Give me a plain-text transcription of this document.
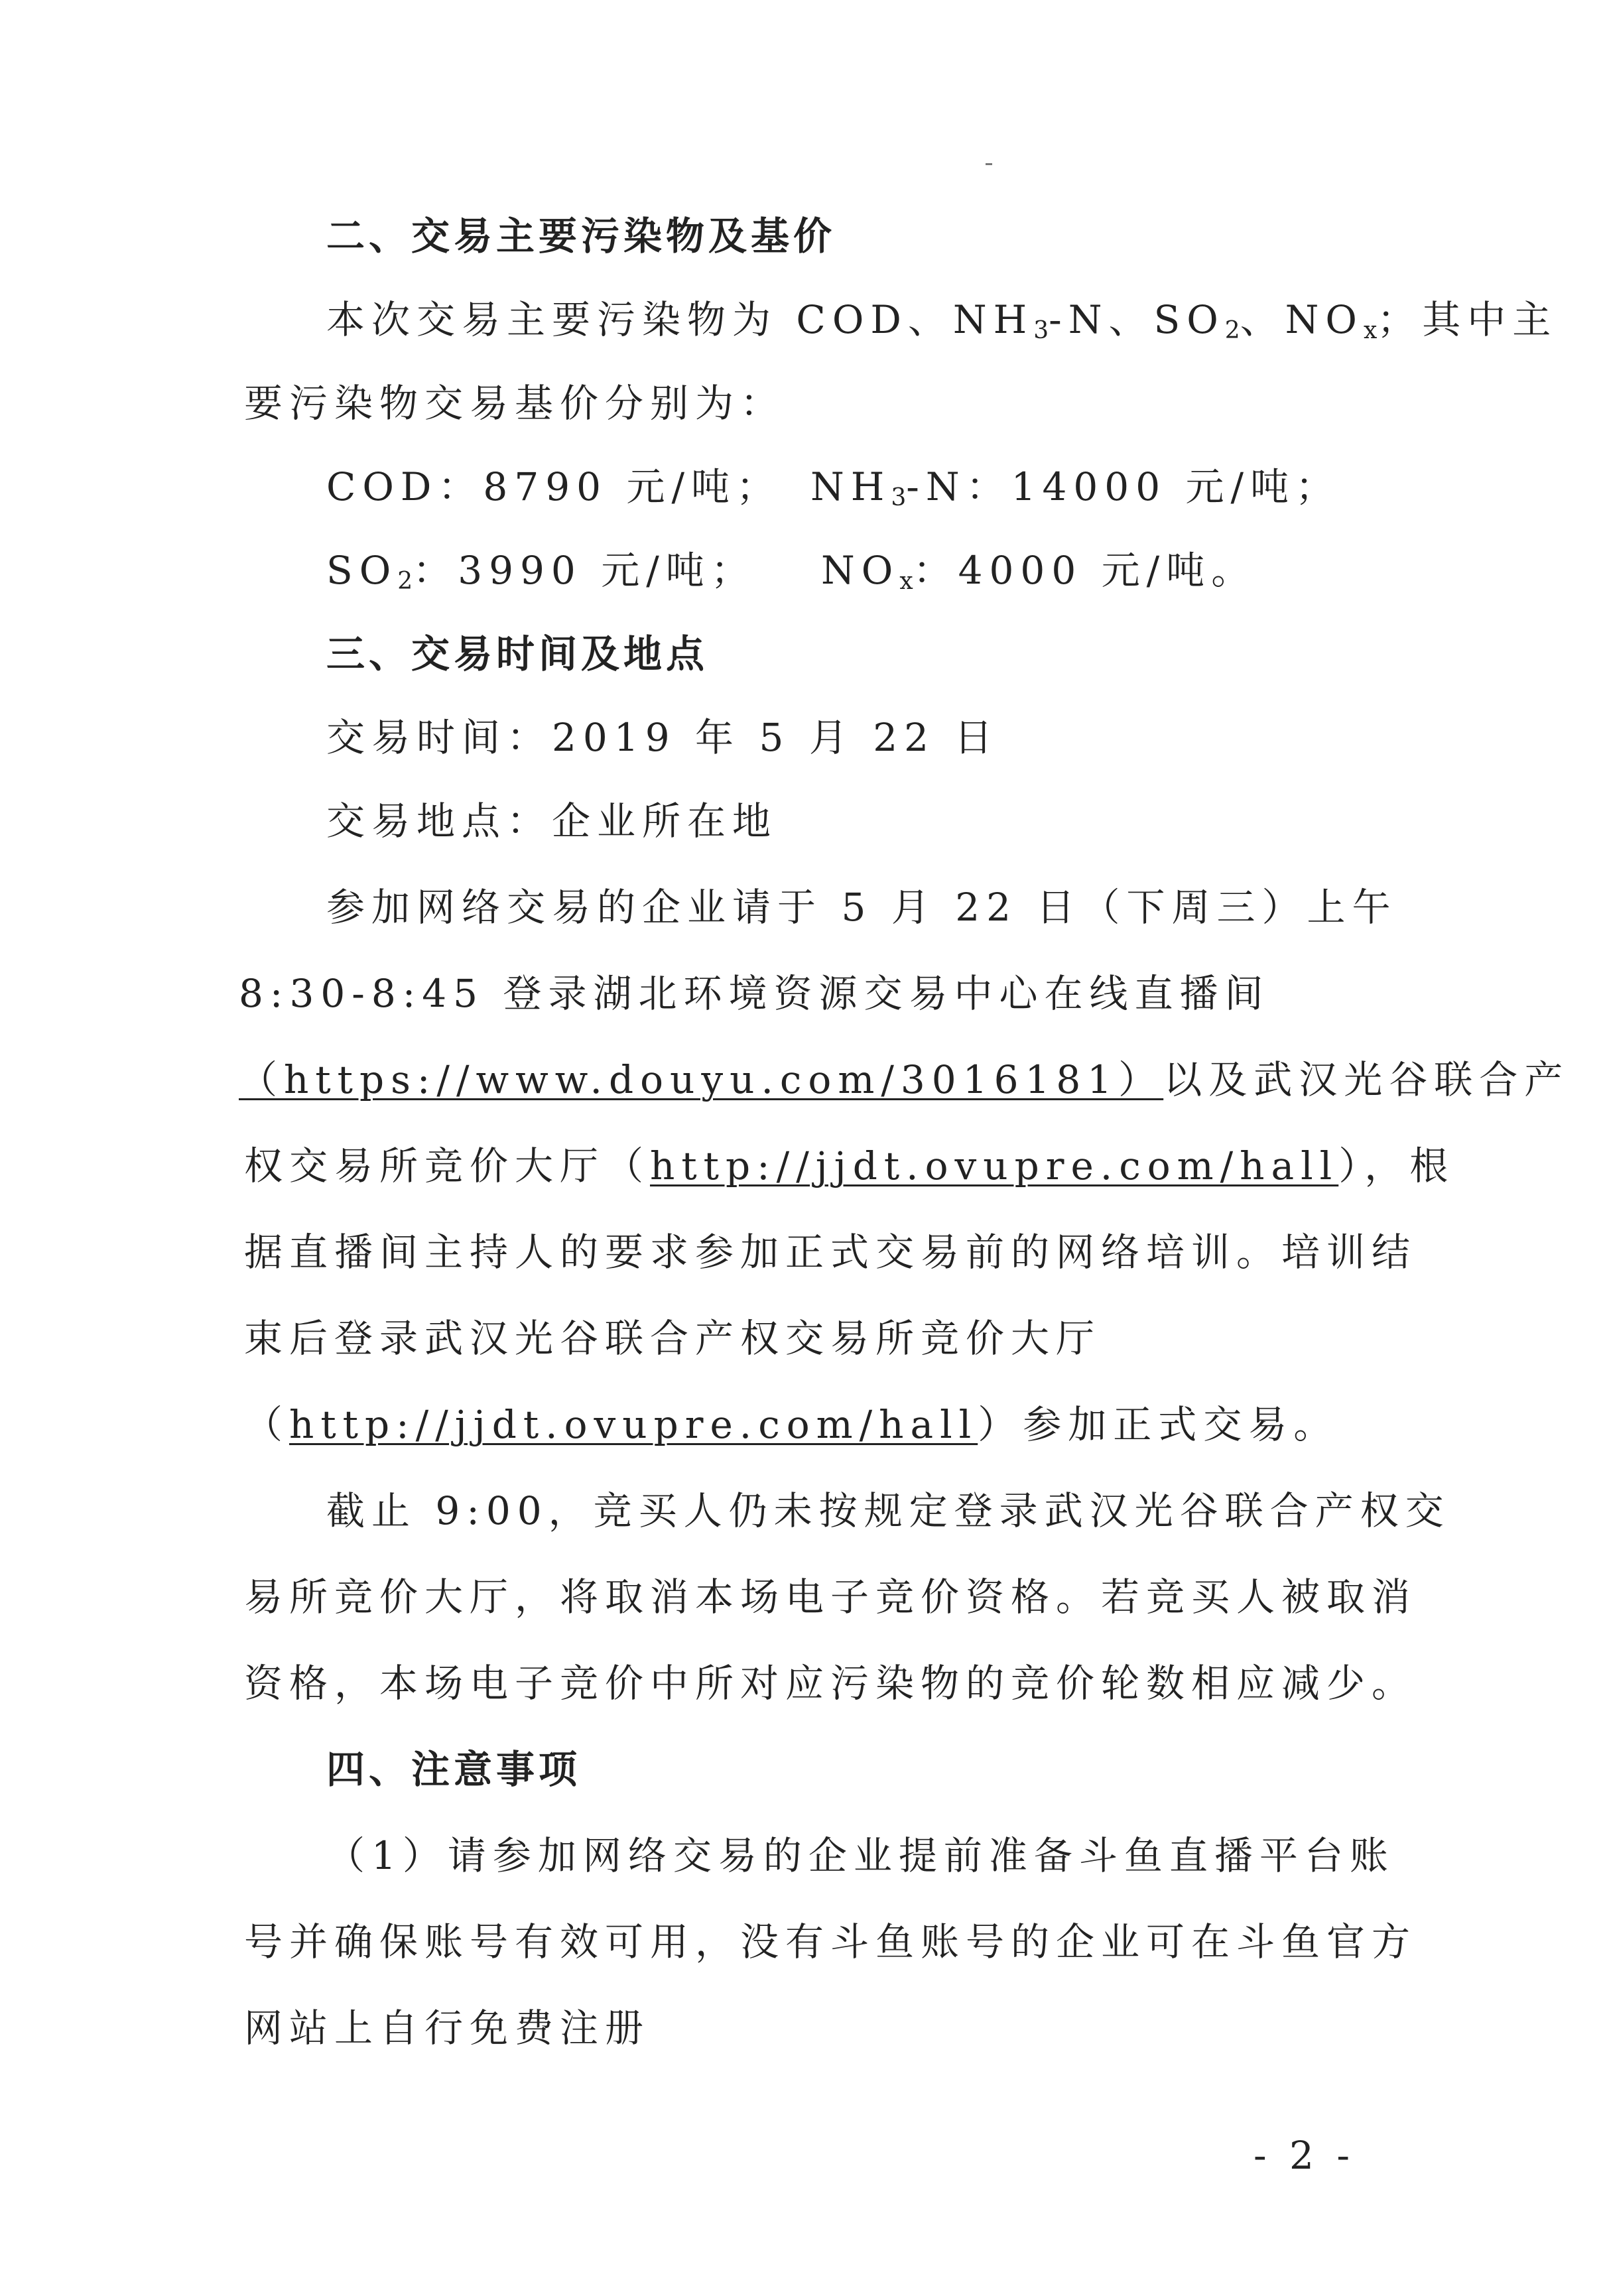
二、交易主要污染物及基价
本次交易主要污染物为 COD、$NH_3-N$、$SO_2$、$NO_x$；其中主
要污染物交易基价分别为：
COD：8790 元/吨； $NH_3-N$：14000 元/吨；
$SO_2$：3990 元/吨； $NO_x$：4000 元/吨。
三、交易时间及地点
交易时间：2019 年 5 月 22 日
交易地点：企业所在地
参加网络交易的企业请于 5 月 22 日（下周三）上午
8:30-8:45 登录湖北环境资源交易中心在线直播间
（https://www.douyu.com/3016181）以及武汉光谷联合产
权交易所竞价大厅（http://jjdt.ovupre.com/hall），根
据直播间主持人的要求参加正式交易前的网络培训。培训结
束后登录武汉光谷联合产权交易所竞价大厅
（http://jjdt.ovupre.com/hall）参加正式交易。
截止 9:00，竞买人仍未按规定登录武汉光谷联合产权交
易所竞价大厅，将取消本场电子竞价资格。若竞买人被取消
资格，本场电子竞价中所对应污染物的竞价轮数相应减少。
四、注意事项
（1）请参加网络交易的企业提前准备斗鱼直播平台账
号并确保账号有效可用，没有斗鱼账号的企业可在斗鱼官方
网站上自行免费注册
- 2 -
